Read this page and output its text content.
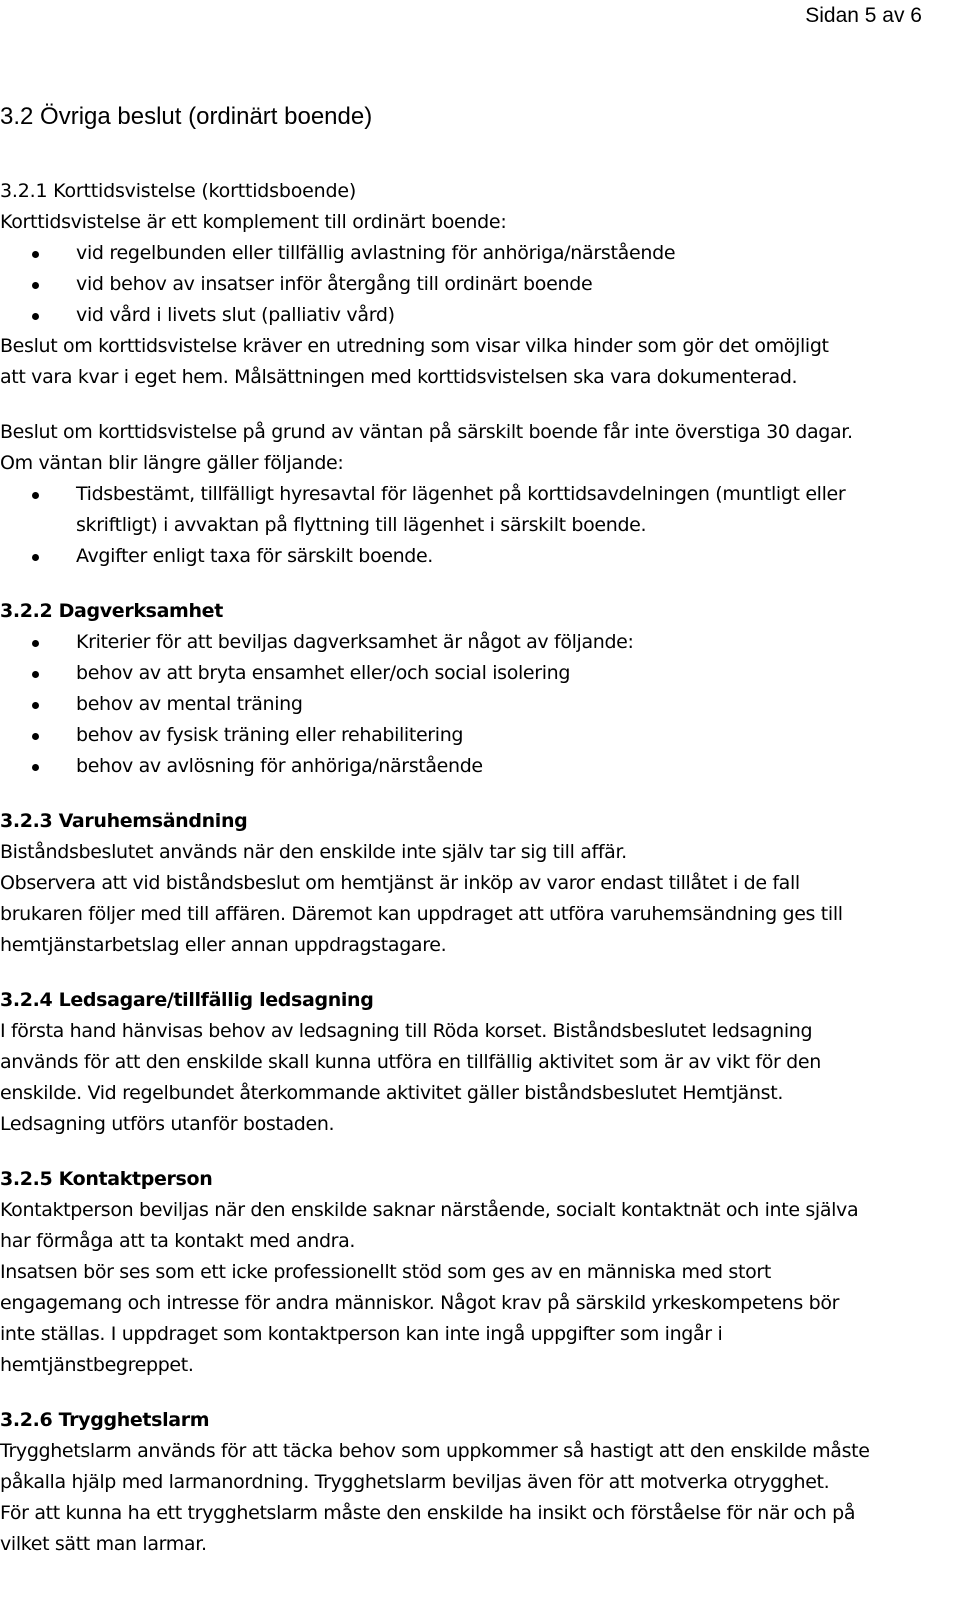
Sidan 5 av 6
3.2 Övriga beslut (ordinärt boende)
3.2.1 Korttidsvistelse (korttidsboende)
Korttidsvistelse är ett komplement till ordinärt boende:
vid regelbunden eller tillfällig avlastning för anhöriga/närstående
vid behov av insatser inför återgång till ordinärt boende
vid vård i livets slut (palliativ vård)
Beslut om korttidsvistelse kräver en utredning som visar vilka hinder som gör det omöjligt
att vara kvar i eget hem. Målsättningen med korttidsvistelsen ska vara dokumenterad.
Beslut om korttidsvistelse på grund av väntan på särskilt boende får inte överstiga 30 dagar.
Om väntan blir längre gäller följande:
Tidsbestämt, tillfälligt hyresavtal för lägenhet på korttidsavdelningen (muntligt eller
skriftligt) i avvaktan på flyttning till lägenhet i särskilt boende.
Avgifter enligt taxa för särskilt boende.
3.2.2 Dagverksamhet
Kriterier för att beviljas dagverksamhet är något av följande:
behov av att bryta ensamhet eller/och social isolering
behov av mental träning
behov av fysisk träning eller rehabilitering
behov av avlösning för anhöriga/närstående
3.2.3 Varuhemsändning
Biståndsbeslutet används när den enskilde inte själv tar sig till affär.
Observera att vid biståndsbeslut om hemtjänst är inköp av varor endast tillåtet i de fall
brukaren följer med till affären. Däremot kan uppdraget att utföra varuhemsändning ges till
hemtjänstarbetslag eller annan uppdragstagare.
3.2.4 Ledsagare/tillfällig ledsagning
I första hand hänvisas behov av ledsagning till Röda korset. Biståndsbeslutet ledsagning
används för att den enskilde skall kunna utföra en tillfällig aktivitet som är av vikt för den
enskilde. Vid regelbundet återkommande aktivitet gäller biståndsbeslutet Hemtjänst.
Ledsagning utförs utanför bostaden.
3.2.5 Kontaktperson
Kontaktperson beviljas när den enskilde saknar närstående, socialt kontaktnät och inte själva
har förmåga att ta kontakt med andra.
Insatsen bör ses som ett icke professionellt stöd som ges av en människa med stort
engagemang och intresse för andra människor. Något krav på särskild yrkeskompetens bör
inte ställas. I uppdraget som kontaktperson kan inte ingå uppgifter som ingår i
hemtjänstbegreppet.
3.2.6 Trygghetslarm
Trygghetslarm används för att täcka behov som uppkommer så hastigt att den enskilde måste
påkalla hjälp med larmanordning. Trygghetslarm beviljas även för att motverka otrygghet.
För att kunna ha ett trygghetslarm måste den enskilde ha insikt och förståelse för när och på
vilket sätt man larmar.
